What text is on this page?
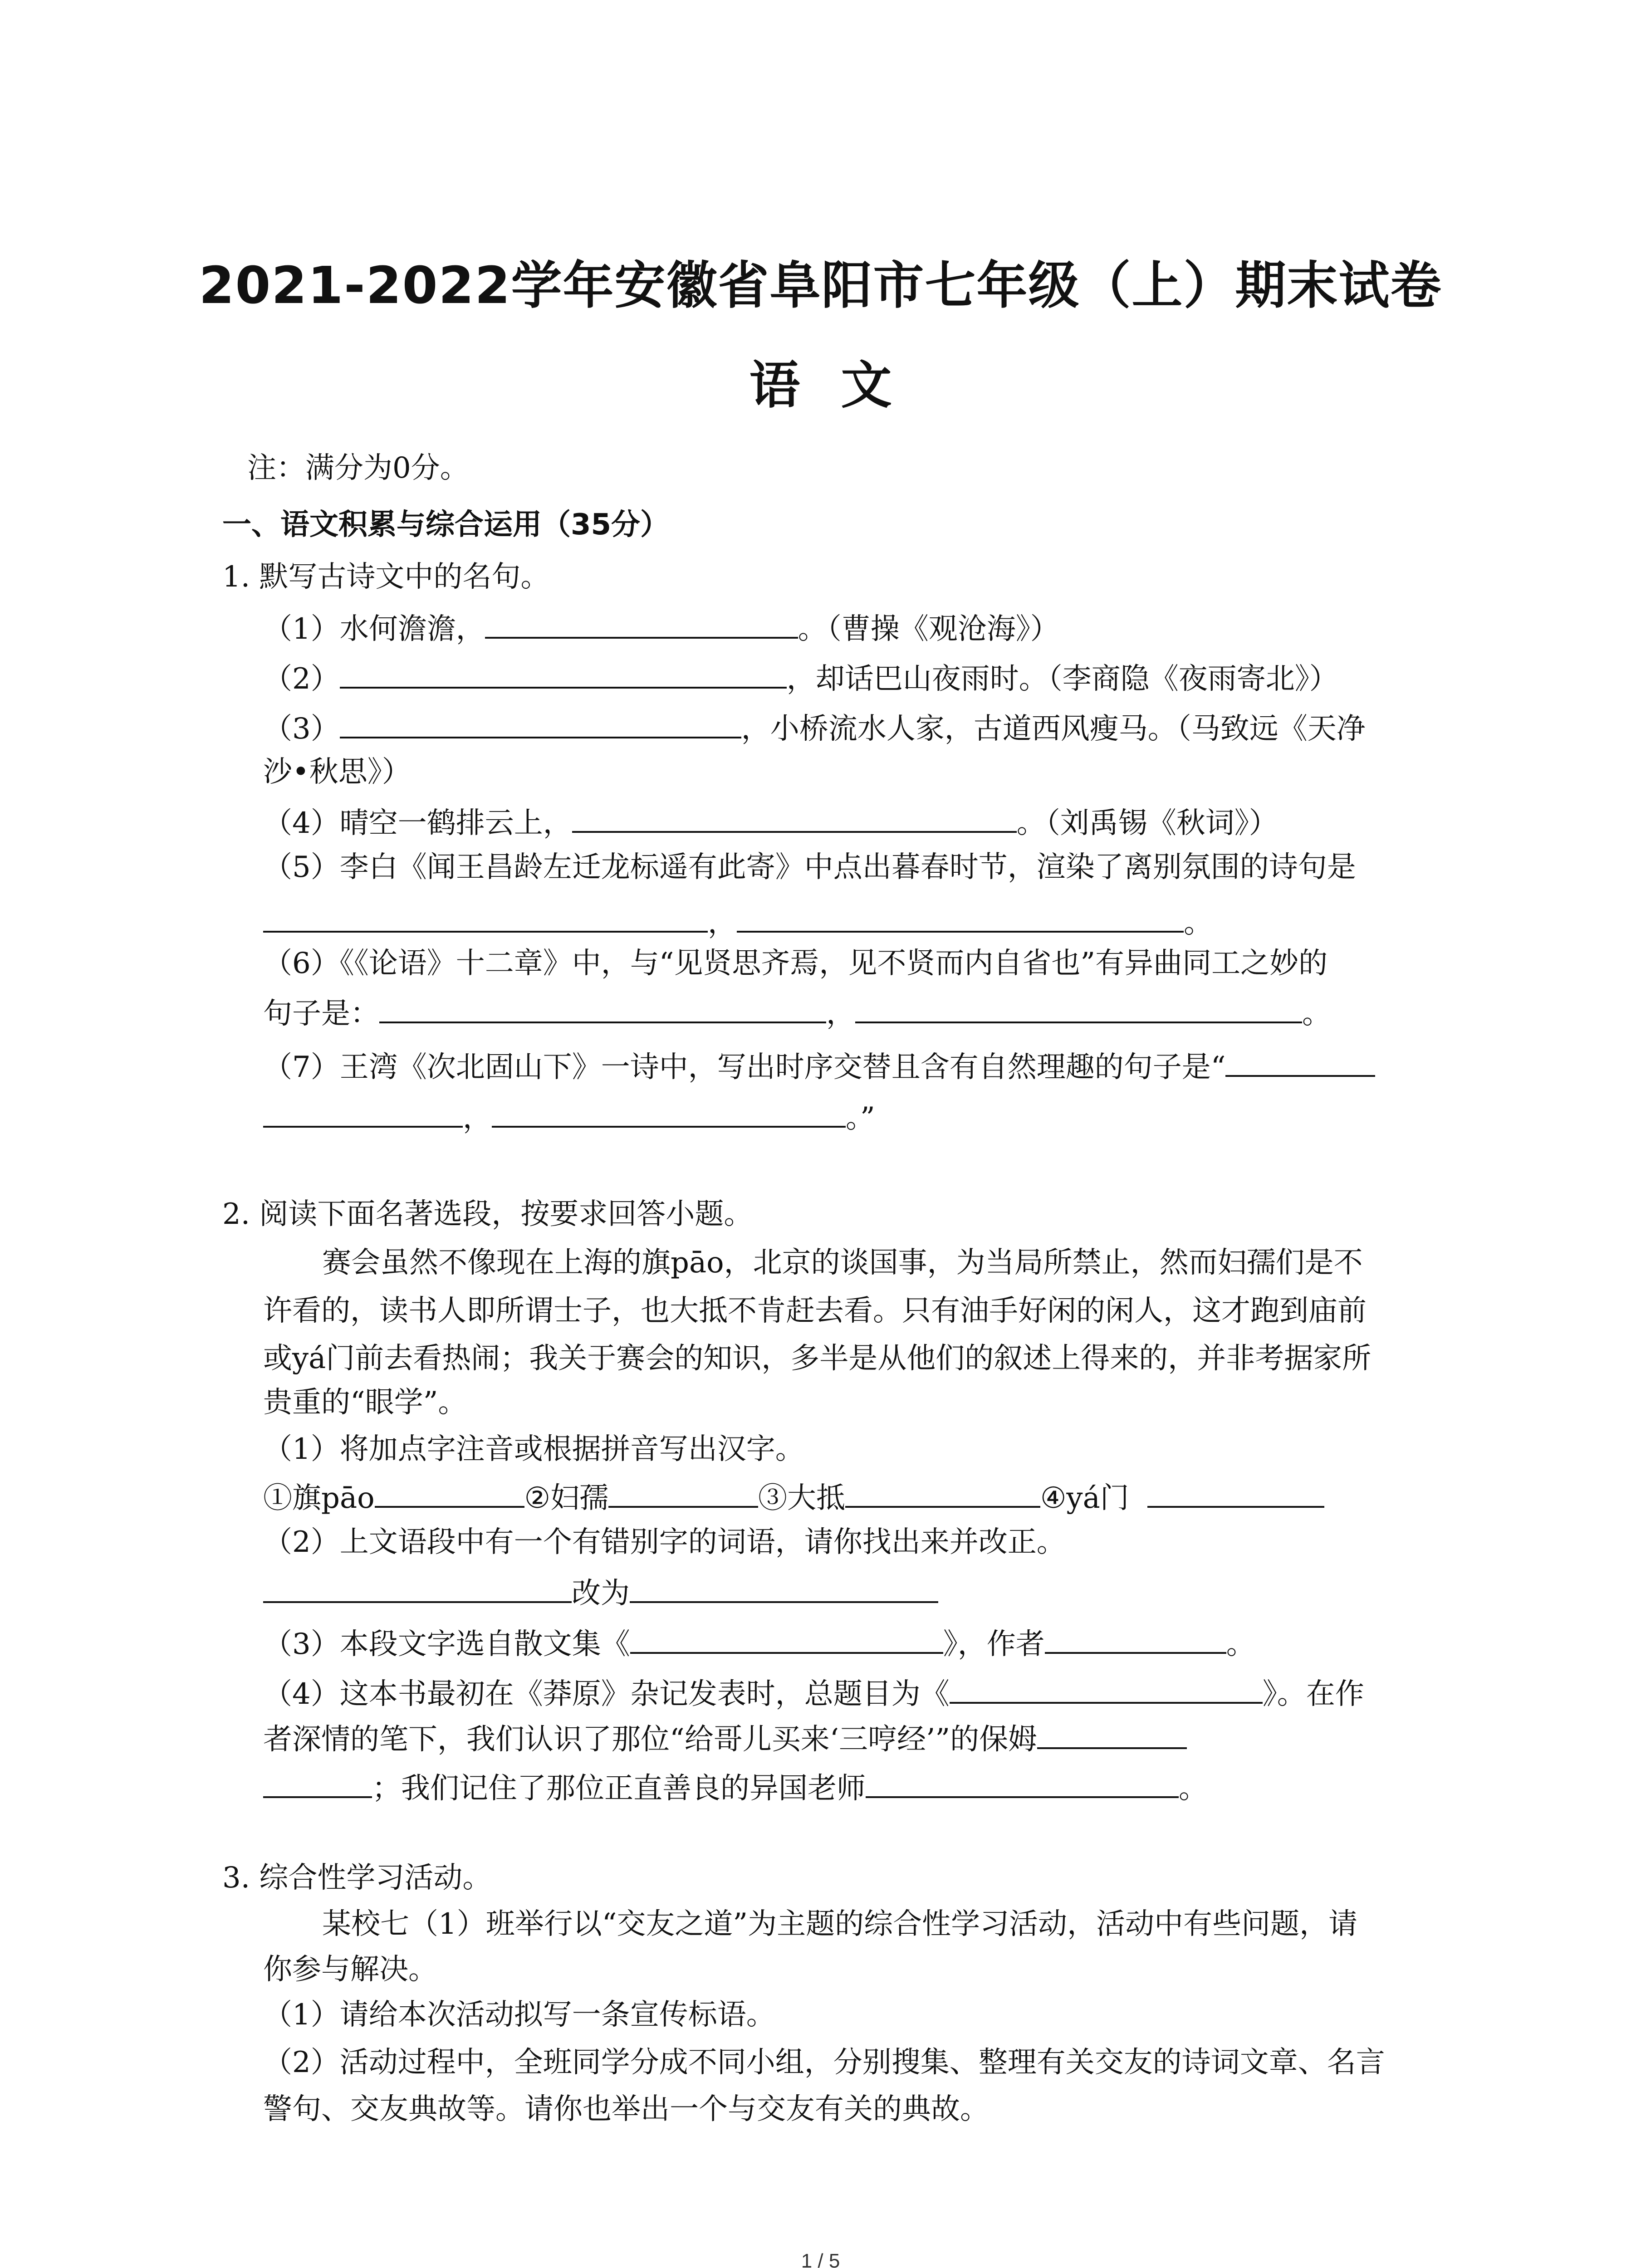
2021-2022学年安徽省阜阳市七年级（上）期末试卷
语文
注：满分为0分。
一、语文积累与综合运用（35分）
1. 默写古诗文中的名句。
（1）水何澹澹，	。（曹操《观沧海》）
（2）	，却话巴山夜雨时。（李商隐《夜雨寄北》）
（3）	，小桥流水人家，古道西风瘦马。（马致远《天净
沙•秋思》）
（4）晴空一鹤排云上，	。（刘禹锡《秋词》）
（5）李白《闻王昌龄左迁龙标遥有此寄》中点出暮春时节，渲染了离别氛围的诗句是
，	。
（6）《《论语》十二章》中，与“见贤思齐焉，见不贤而内自省也”有异曲同工之妙的
句子是：	，	。
（7）王湾《次北固山下》一诗中，写出时序交替且含有自然理趣的句子是“
，	。”
2. 阅读下面名著选段，按要求回答小题。
赛会虽然不像现在上海的旗pāo，北京的谈国事，为当局所禁止，然而妇孺们是不
许看的，读书人即所谓士子，也大抵不肯赶去看。只有油手好闲的闲人，这才跑到庙前
或yá门前去看热闹；我关于赛会的知识，多半是从他们的叙述上得来的，并非考据家所
贵重的“眼学”。
（1）将加点字注音或根据拼音写出汉字。
①旗pāo	②妇孺	③大抵	④yá门
（2）上文语段中有一个有错别字的词语，请你找出来并改正。
改为
（3）本段文字选自散文集《	》，作者	。
（4）这本书最初在《莽原》杂记发表时，总题目为《	》。在作
者深情的笔下，我们认识了那位“给哥儿买来‘三哼经’”的保姆
；我们记住了那位正直善良的异国老师	。
3. 综合性学习活动。
某校七（1）班举行以“交友之道”为主题的综合性学习活动，活动中有些问题，请
你参与解决。
（1）请给本次活动拟写一条宣传标语。
（2）活动过程中，全班同学分成不同小组，分别搜集、整理有关交友的诗词文章、名言
警句、交友典故等。请你也举出一个与交友有关的典故。
1 / 5
